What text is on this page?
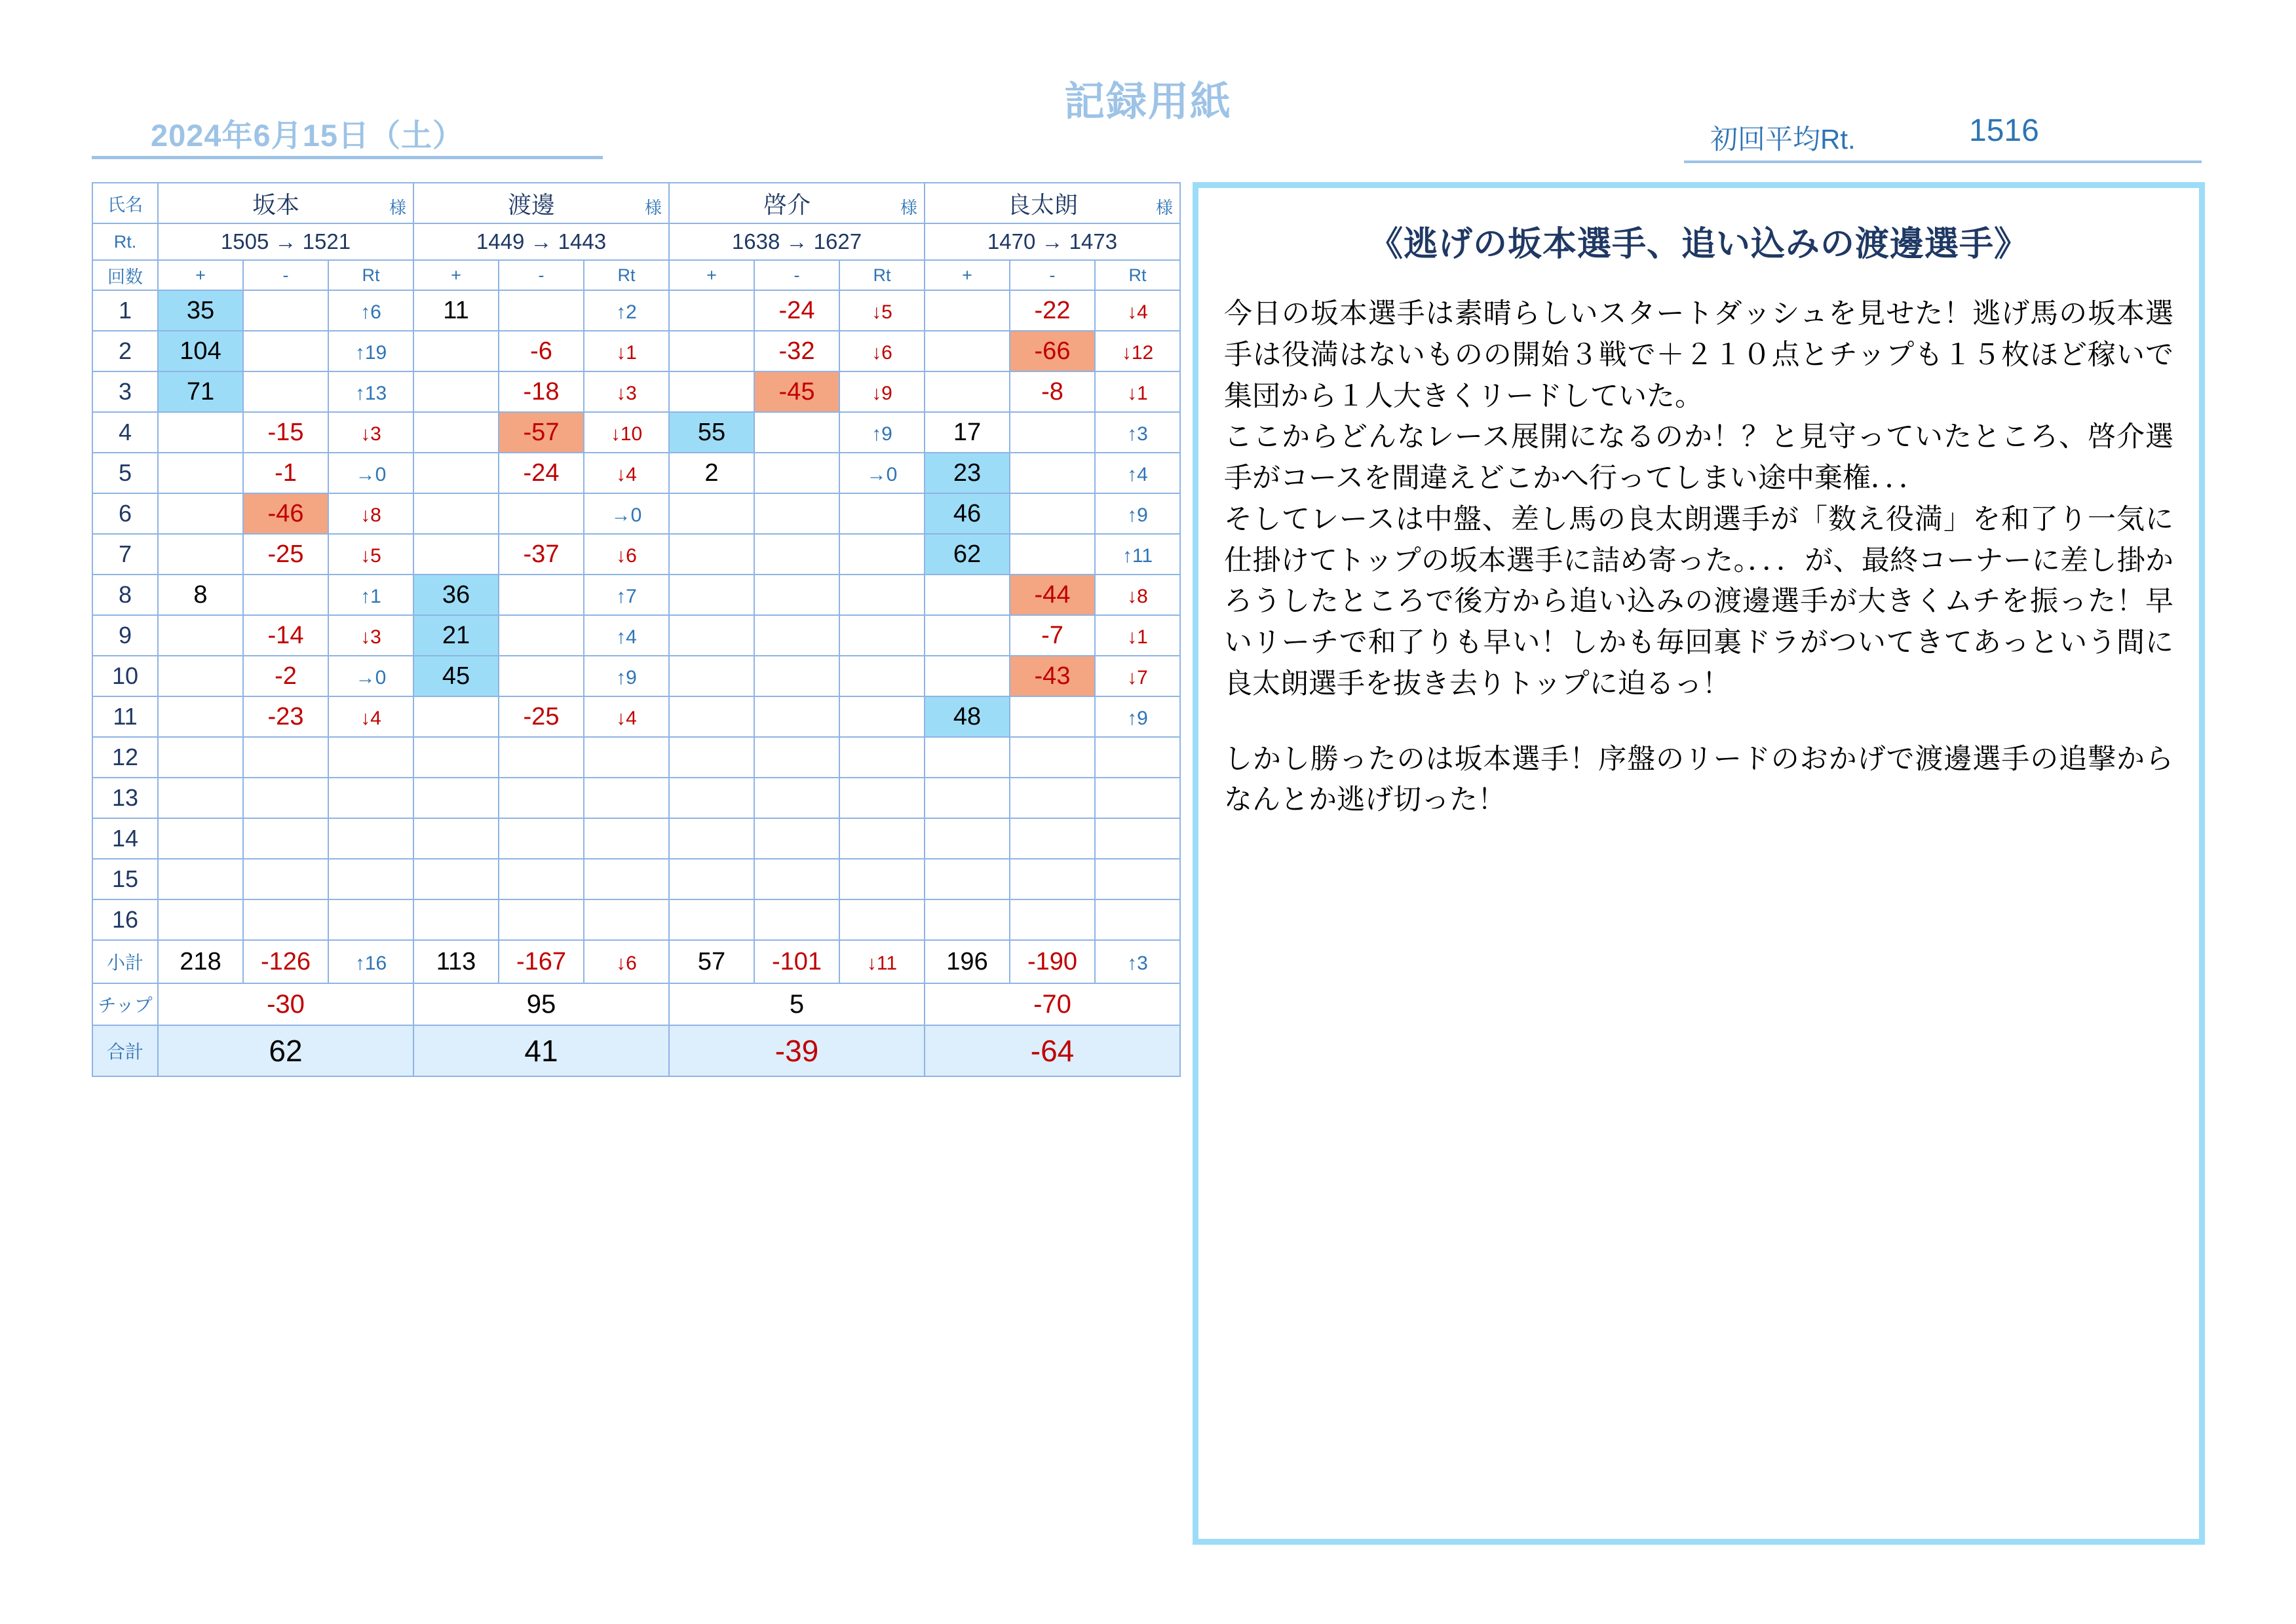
記録用紙
2024年6月15日（土）	初回平均Rt.	1516
氏名	坂本 様			渡邊 様			啓介 様			良太朗 様		

Rt.	1505 → 1521			1449 → 1443			1638 → 1627			1470 → 1473		
回数	+	-	Rt	+	-	Rt	+	-	Rt	+	-	Rt
1	35		↑6	11		↑2		-24	↓5		-22	↓4
2	104		↑19		-6	↓1		-32	↓6		-66	↓12
3	71		↑13		-18	↓3		-45	↓9		-8	↓1
4		-15	↓3		-57	↓10	55		↑9	17		↑3
5		-1	→0		-24	↓4	2		→0	23		↑4
6		-46	↓8			→0				46		↑9
7		-25	↓5		-37	↓6				62		↑11
8	8		↑1	36		↑7					-44	↓8
9		-14	↓3	21		↑4					-7	↓1
10		-2	→0	45		↑9					-43	↓7
11		-23	↓4		-25	↓4				48		↑9
12												
13												
14												
15												
16												
小計	218	-126	↑16	113	-167	↓6	57	-101	↓11	196	-190	↑3
チップ	-30			95			5			-70		
合計	62			41			-39			-64		
《逃げの坂本選手、追い込みの渡邊選手》

今日の坂本選手は素晴らしいスタートダッシュを見せた！逃げ馬の坂本選手は役満はないものの開始３戦で＋２１０点とチップも１５枚ほど稼いで集団から１人大きくリードしていた。

ここからどんなレース展開になるのか！？と見守っていたところ、啓介選手がコースを間違えどこかへ行ってしまい途中棄権．．．

そしてレースは中盤、差し馬の良太朗選手が「数え役満」を和了り一気に仕掛けてトップの坂本選手に詰め寄った。．．．が、最終コーナーに差し掛かろうしたところで後方から追い込みの渡邊選手が大きくムチを振った！早いリーチで和了りも早い！しかも毎回裏ドラがついてきてあっという間に良太朗選手を抜き去りトップに迫るっ！

しかし勝ったのは坂本選手！序盤のリードのおかげで渡邊選手の追撃からなんとか逃げ切った！
